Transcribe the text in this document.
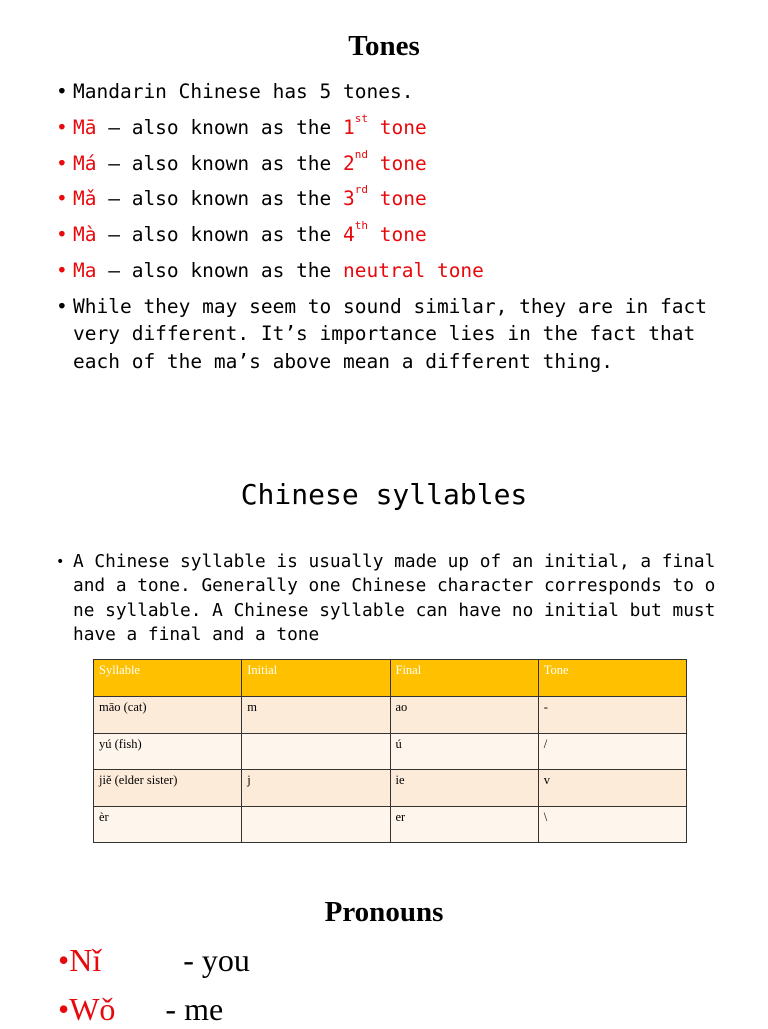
Tones
• Mandarin Chinese has 5 tones.
• Mā — also known as the 1st tone
• Má — also known as the 2nd tone
• Mǎ — also known as the 3rd tone
• Mà — also known as the 4th tone
• Ma — also known as the neutral tone
• While they may seem to sound similar, they are in fact very different. It’s importance lies in the fact that each of the ma’s above mean a different thing.
Chinese syllables
• A Chinese syllable is usually made up of an initial, a final and a tone. Generally one Chinese character corresponds to one syllable. A Chinese syllable can have no initial but must have a final and a tone
Syllable	Initial	Final	Tone
māo (cat)	m	ao	-
yú (fish)		ú	/
jiě (elder sister)	j	ie	v
èr		er	\
Pronouns
•Nǐ	- you
•Wǒ - me
